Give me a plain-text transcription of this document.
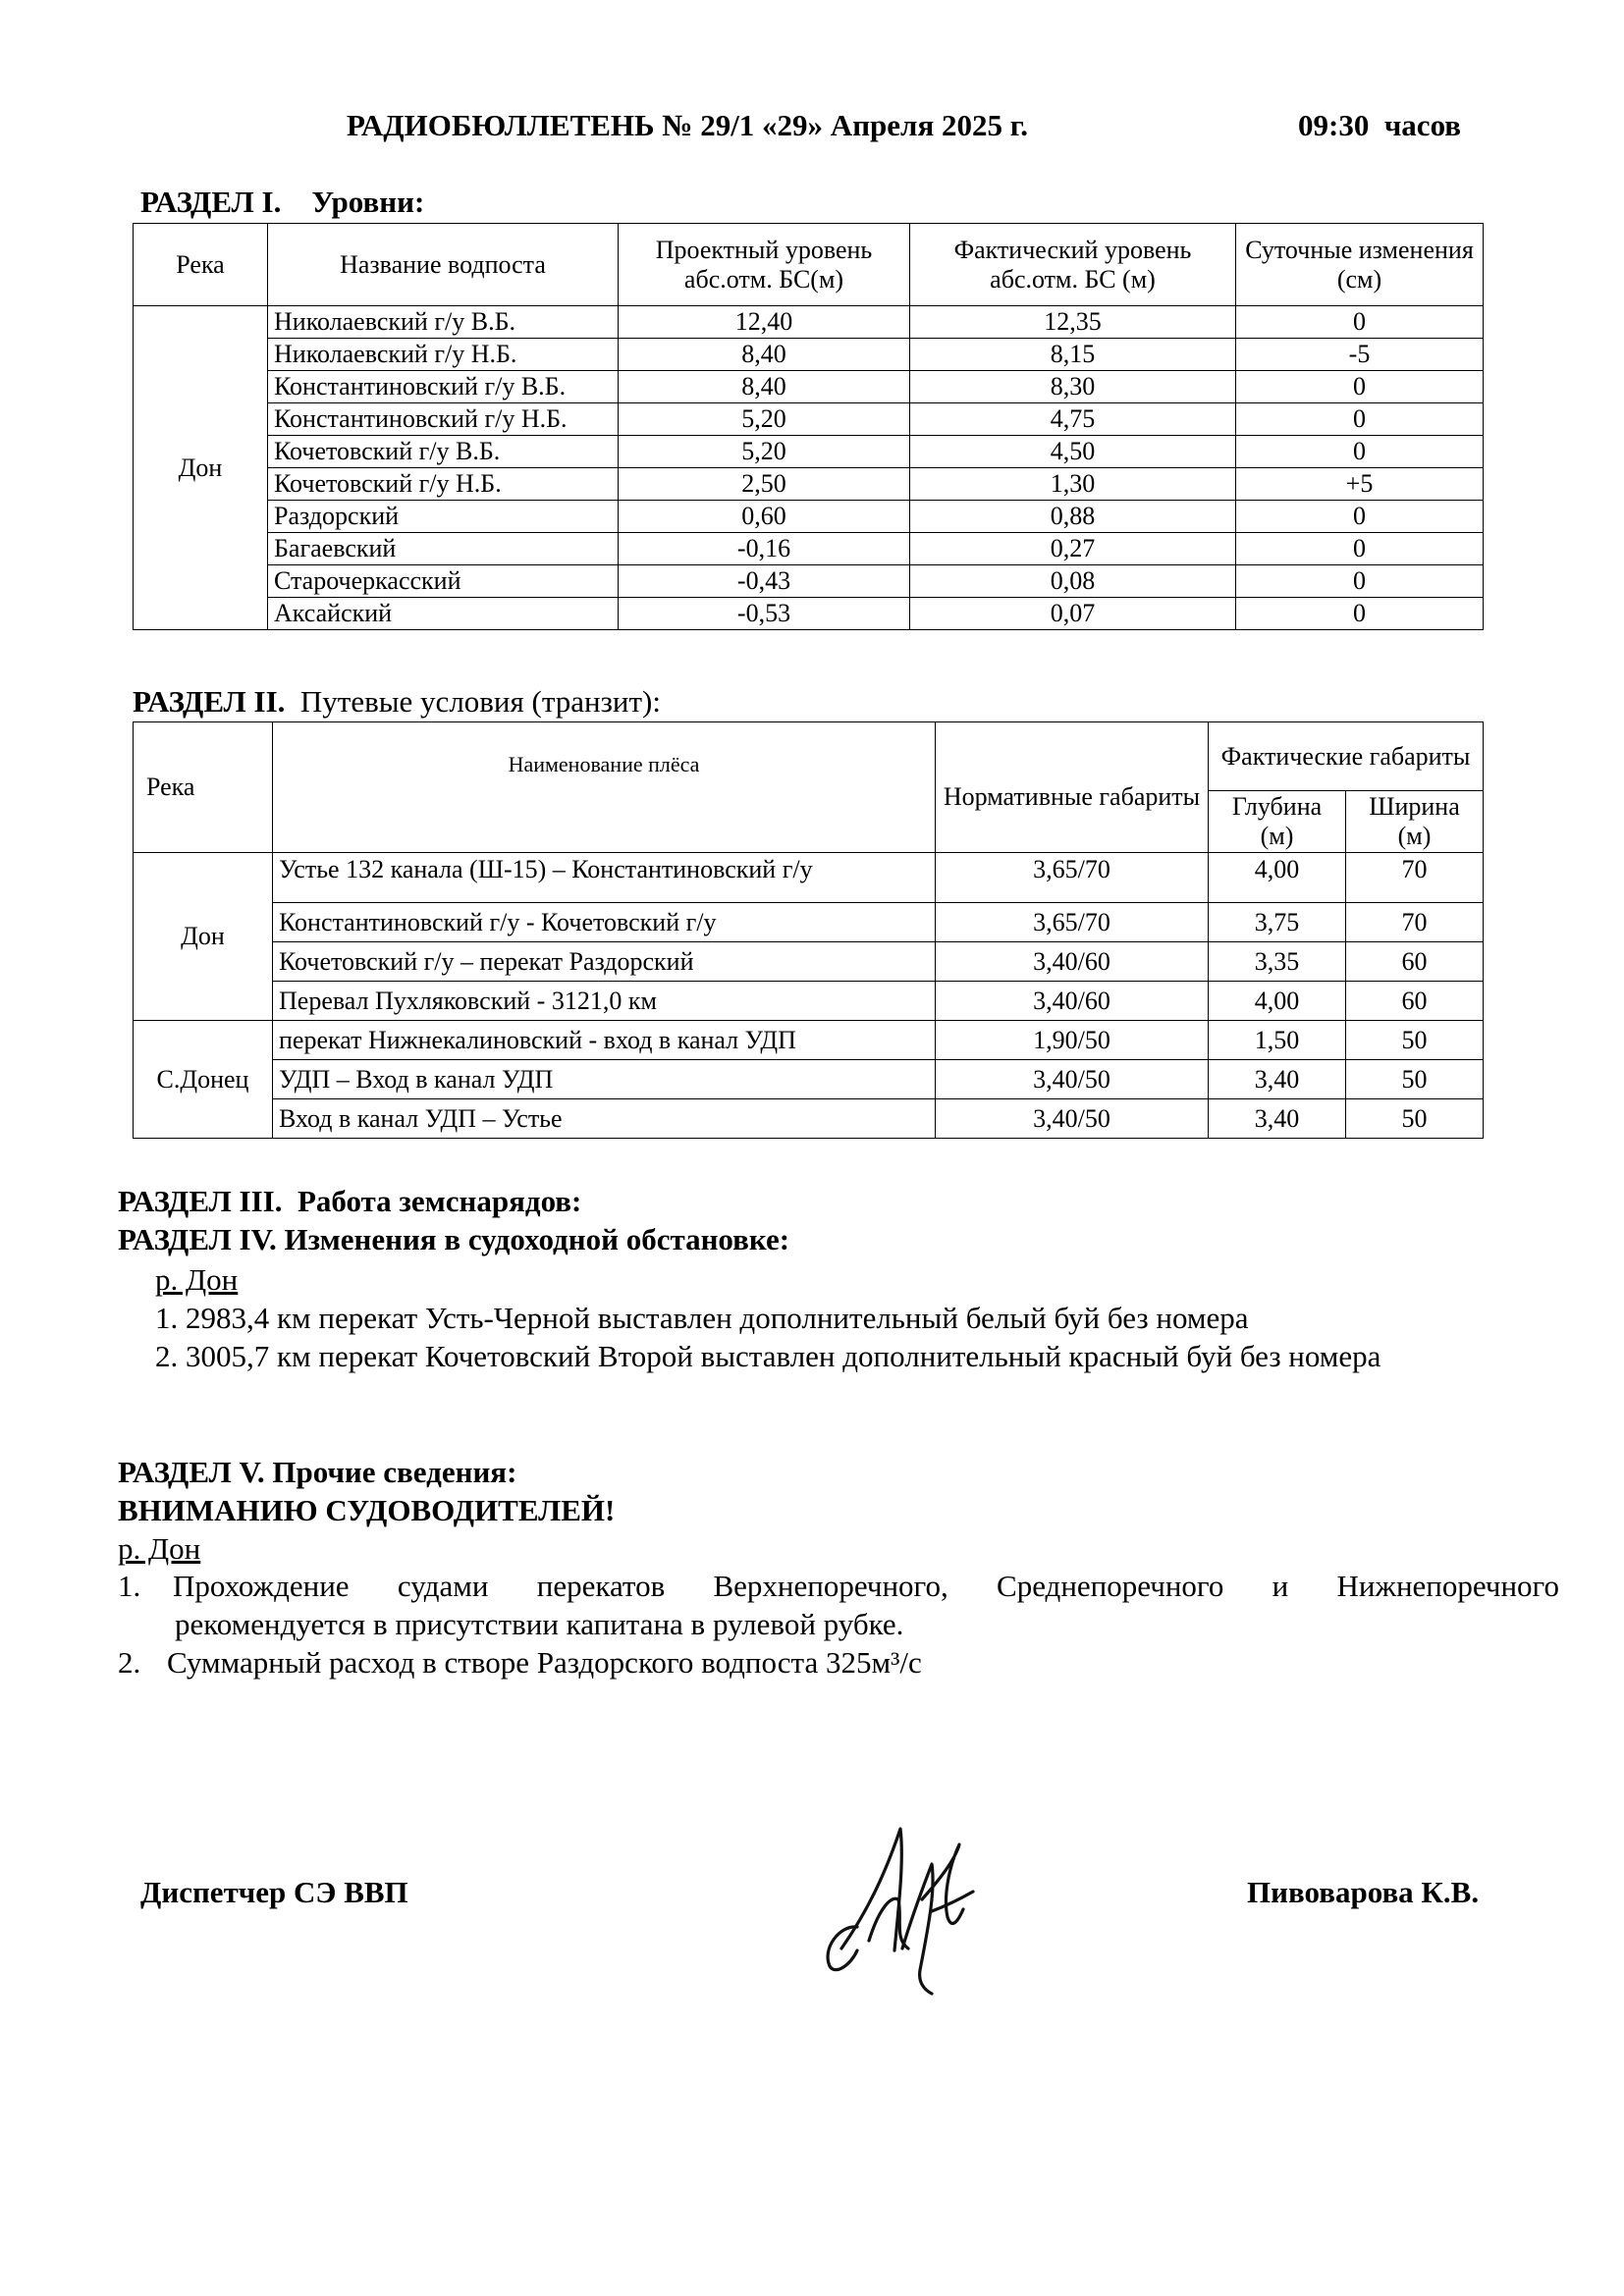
РАДИОБЮЛЛЕТЕНЬ № 29/1 «29» Апреля 2025 г.	09:30  часов
РАЗДЕЛ I. Уровни:
Река	Название водпоста	Проектный уровень абс.отм. БС(м)	Фактический уровень абс.отм. БС (м)	Суточные изменения (см)
Дон	Николаевский г/у В.Б.	12,40	12,35	0
	Николаевский г/у Н.Б.	8,40	8,15	-5
	Константиновский г/у В.Б.	8,40	8,30	0
	Константиновский г/у Н.Б.	5,20	4,75	0
	Кочетовский г/у В.Б.	5,20	4,50	0
	Кочетовский г/у Н.Б.	2,50	1,30	+5
	Раздорский	0,60	0,88	0
	Багаевский	-0,16	0,27	0
	Старочеркасский	-0,43	0,08	0
	Аксайский	-0,53	0,07	0
РАЗДЕЛ II. Путевые условия (транзит):
Река	Наименование плёса	Нормативные габариты	Фактические габариты	
			Глубина (м)	Ширина (м)
Дон	Устье 132 канала (Ш-15) – Константиновский г/у	3,65/70	4,00	70
	Константиновский г/у - Кочетовский г/у	3,65/70	3,75	70
	Кочетовский г/у – перекат Раздорский	3,40/60	3,35	60
	Перевал Пухляковский - 3121,0 км	3,40/60	4,00	60
С.Донец	перекат Нижнекалиновский - вход в канал УДП	1,90/50	1,50	50
	УДП – Вход в канал УДП	3,40/50	3,40	50
	Вход в канал УДП – Устье	3,40/50	3,40	50
РАЗДЕЛ III.  Работа земснарядов:
РАЗДЕЛ IV. Изменения в судоходной обстановке:
р. Дон
1. 2983,4 км перекат Усть-Черной выставлен дополнительный белый буй без номера
2. 3005,7 км перекат Кочетовский Второй выставлен дополнительный красный буй без номера
РАЗДЕЛ V. Прочие сведения:
ВНИМАНИЮ СУДОВОДИТЕЛЕЙ!
р. Дон
1. Прохождение судами перекатов Верхнепоречного, Среднепоречного и Нижнепоречного
рекомендуется в присутствии капитана в рулевой рубке.
2. Суммарный расход в створе Раздорского водпоста 325м³/с
Диспетчер СЭ ВВП	Пивоварова К.В.
